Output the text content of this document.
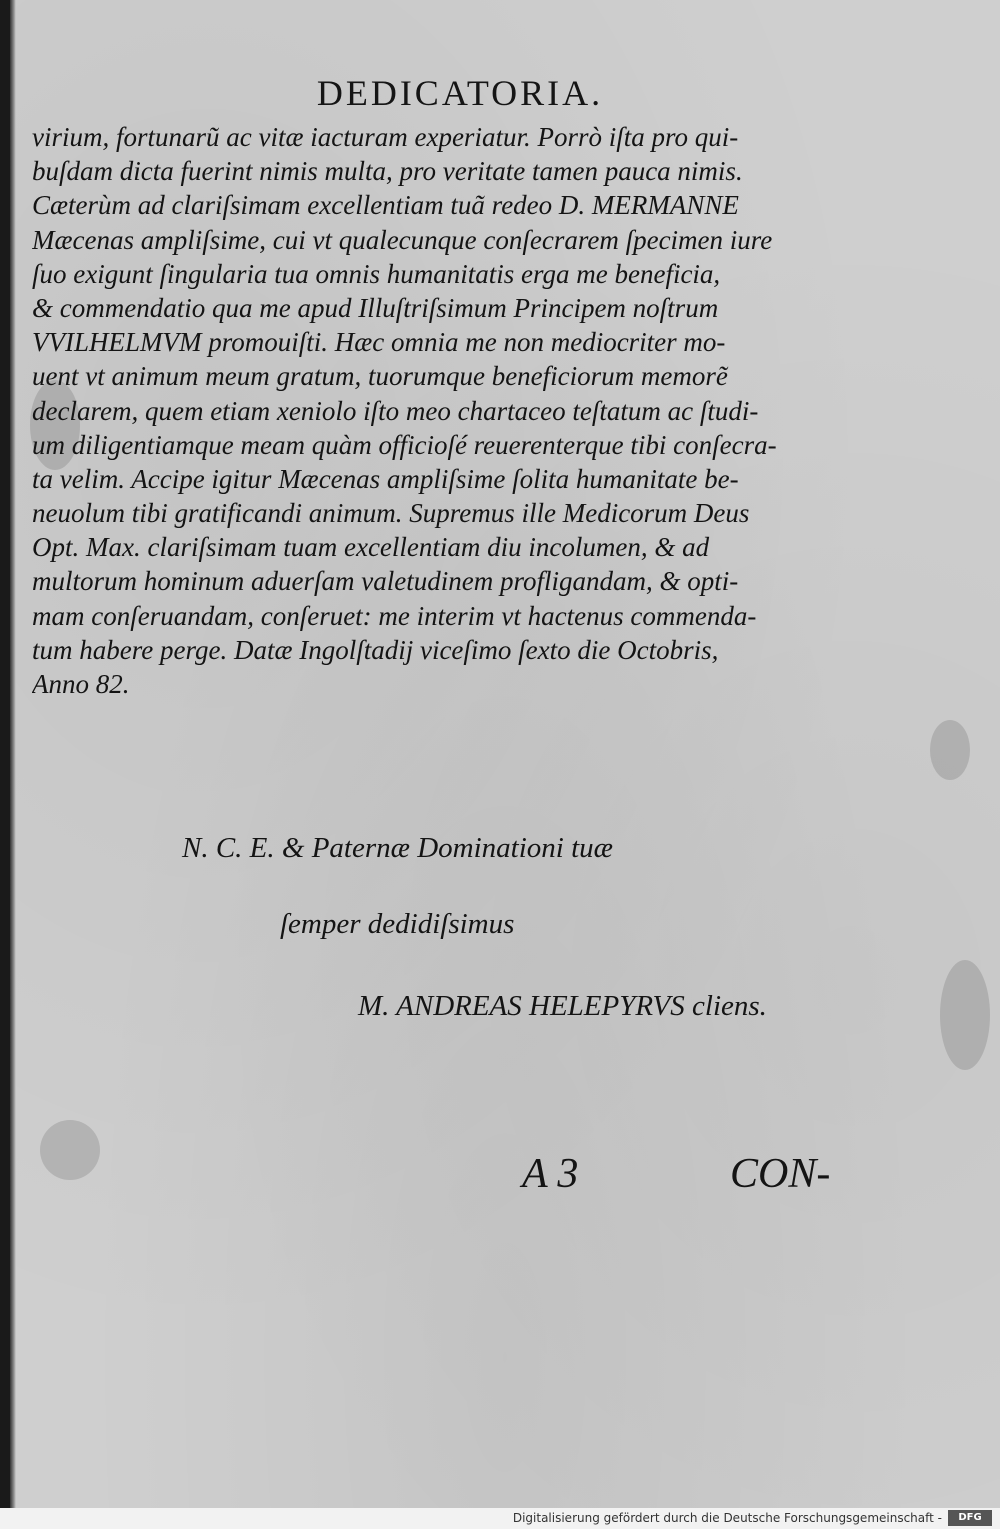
DEDICATORIA.
virium, fortunarũ ac vitæ iacturam experiatur. Porrò iſta pro qui-
buſdam dicta fuerint nimis multa, pro veritate tamen pauca nimis.
Cæterùm ad clariſsimam excellentiam tuã redeo D. MERMANNE
Mæcenas ampliſsime, cui vt qualecunque conſecrarem ſpecimen iure
ſuo exigunt ſingularia tua omnis humanitatis erga me beneficia,
& commendatio qua me apud Illuſtriſsimum Principem noſtrum
VVILHELMVM promouiſti. Hæc omnia me non mediocriter mo-
uent vt animum meum gratum, tuorumque beneficiorum memorẽ
declarem, quem etiam xeniolo iſto meo chartaceo teſtatum ac ſtudi-
um diligentiamque meam quàm officioſé reuerenterque tibi conſecra-
ta velim. Accipe igitur Mæcenas ampliſsime ſolita humanitate be-
neuolum tibi gratificandi animum. Supremus ille Medicorum Deus
Opt. Max. clariſsimam tuam excellentiam diu incolumen, & ad
multorum hominum aduerſam valetudinem profligandam, & opti-
mam conſeruandam, conſeruet: me interim vt hactenus commenda-
tum habere perge. Datæ Ingolſtadij viceſimo ſexto die Octobris,
Anno 82.
N. C. E. & Paternæ Dominationi tuæ
ſemper dedidiſsimus
M. ANDREAS HELEPYRVS cliens.
A 3	CON-
Digitalisierung gefördert durch die Deutsche Forschungsgemeinschaft -	DFG
